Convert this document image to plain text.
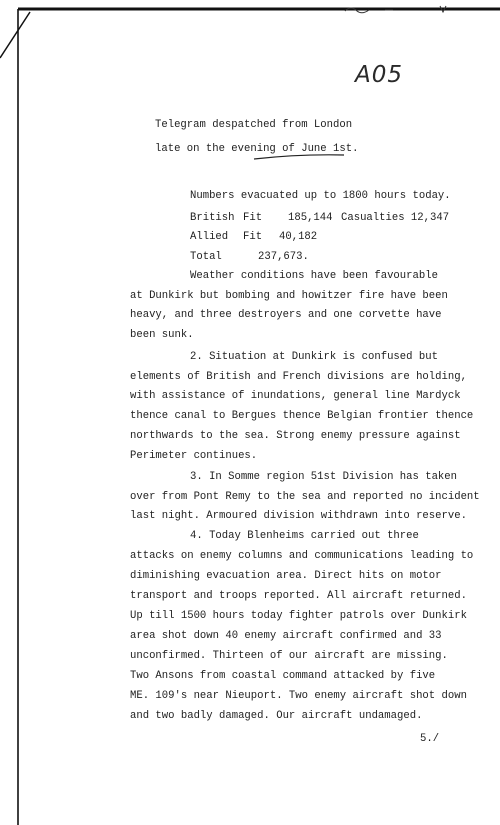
A05
Telegram despatched from London
late on the evening of June 1st.
Numbers evacuated up to 1800 hours today.
British Fit 185,144 Casualties 12,347
Allied Fit 40,182
Total	237,673.
Weather conditions have been favourable
at Dunkirk but bombing and howitzer fire have been
heavy, and three destroyers and one corvette have
been sunk.
2. Situation at Dunkirk is confused but
elements of British and French divisions are holding,
with assistance of inundations, general line Mardyck
thence canal to Bergues thence Belgian frontier thence
northwards to the sea. Strong enemy pressure against
Perimeter continues.
3. In Somme region 51st Division has taken
over from Pont Remy to the sea and reported no incident
last night. Armoured division withdrawn into reserve.
4. Today Blenheims carried out three
attacks on enemy columns and communications leading to
diminishing evacuation area. Direct hits on motor
transport and troops reported. All aircraft returned.
Up till 1500 hours today fighter patrols over Dunkirk
area shot down 40 enemy aircraft confirmed and 33
unconfirmed. Thirteen of our aircraft are missing.
Two Ansons from coastal command attacked by five
ME. 109's near Nieuport. Two enemy aircraft shot down
and two badly damaged. Our aircraft undamaged.
5./
